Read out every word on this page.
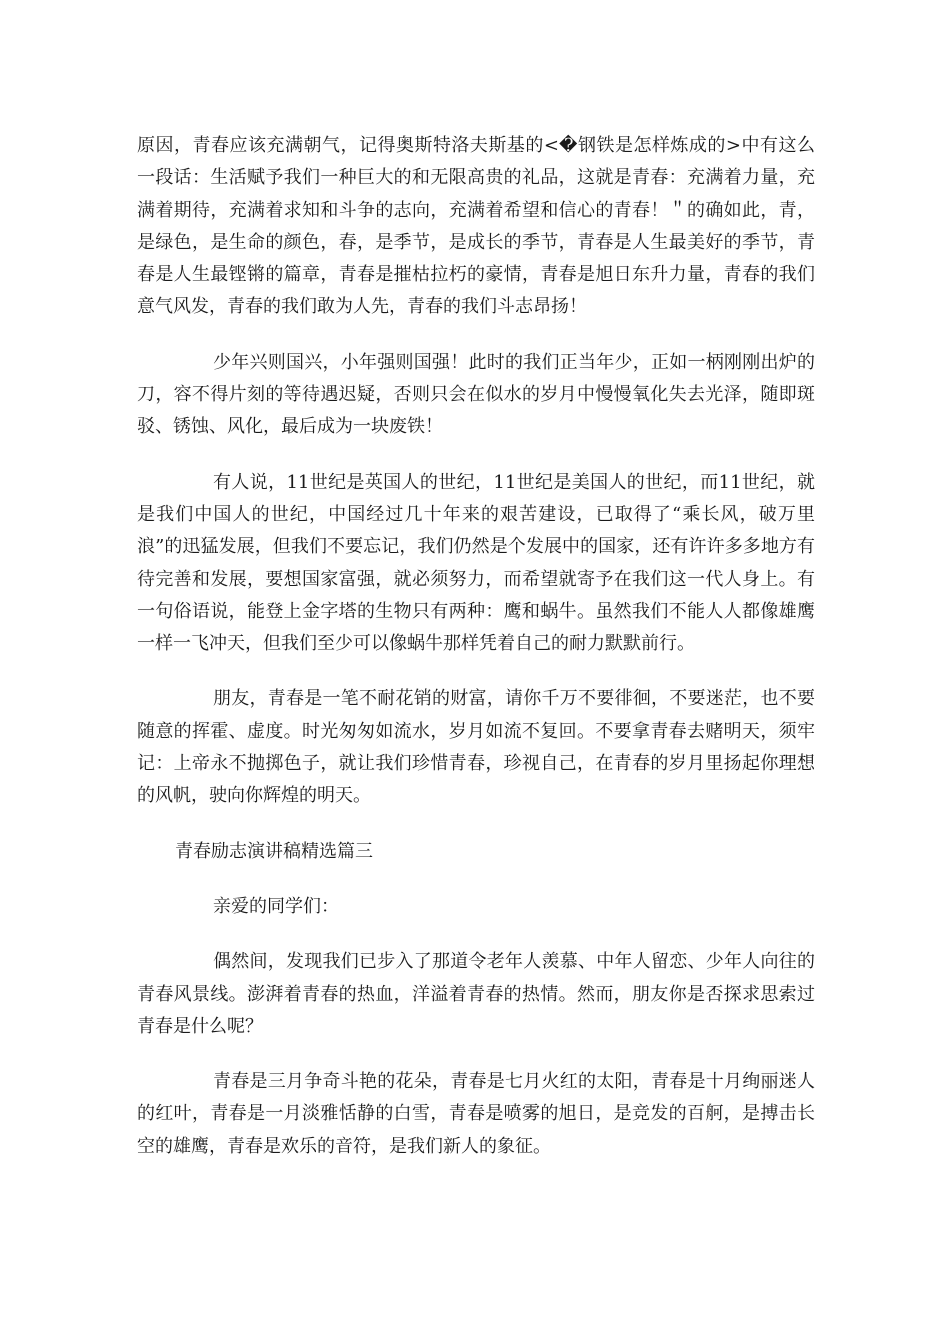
原因，青春应该充满朝气，记得奥斯特洛夫斯基的<�钢铁是怎样炼成的>中有这么一段话：生活赋予我们一种巨大的和无限高贵的礼品，这就是青春：充满着力量，充满着期待，充满着求知和斗争的志向，充满着希望和信心的青春！＂的确如此，青，是绿色，是生命的颜色，春，是季节，是成长的季节，青春是人生最美好的季节，青春是人生最铿锵的篇章，青春是摧枯拉朽的豪情，青春是旭日东升力量，青春的我们意气风发，青春的我们敢为人先，青春的我们斗志昂扬！

少年兴则国兴，小年强则国强！此时的我们正当年少，正如一柄刚刚出炉的刀，容不得片刻的等待遇迟疑，否则只会在似水的岁月中慢慢氧化失去光泽，随即斑驳、锈蚀、风化，最后成为一块废铁！

有人说，11世纪是英国人的世纪，11世纪是美国人的世纪，而11世纪，就是我们中国人的世纪，中国经过几十年来的艰苦建设，已取得了“乘长风，破万里浪”的迅猛发展，但我们不要忘记，我们仍然是个发展中的国家，还有许许多多地方有待完善和发展，要想国家富强，就必须努力，而希望就寄予在我们这一代人身上。有一句俗语说，能登上金字塔的生物只有两种：鹰和蜗牛。虽然我们不能人人都像雄鹰一样一飞冲天，但我们至少可以像蜗牛那样凭着自己的耐力默默前行。

朋友，青春是一笔不耐花销的财富，请你千万不要徘徊，不要迷茫，也不要随意的挥霍、虚度。时光匆匆如流水，岁月如流不复回。不要拿青春去赌明天，须牢记：上帝永不抛掷色子，就让我们珍惜青春，珍视自己，在青春的岁月里扬起你理想的风帆，驶向你辉煌的明天。

青春励志演讲稿精选篇三

亲爱的同学们：

偶然间，发现我们已步入了那道令老年人羡慕、中年人留恋、少年人向往的青春风景线。澎湃着青春的热血，洋溢着青春的热情。然而，朋友你是否探求思索过青春是什么呢？

青春是三月争奇斗艳的花朵，青春是七月火红的太阳，青春是十月绚丽迷人的红叶，青春是一月淡雅恬静的白雪，青春是喷雾的旭日，是竞发的百舸，是搏击长空的雄鹰，青春是欢乐的音符，是我们新人的象征。
